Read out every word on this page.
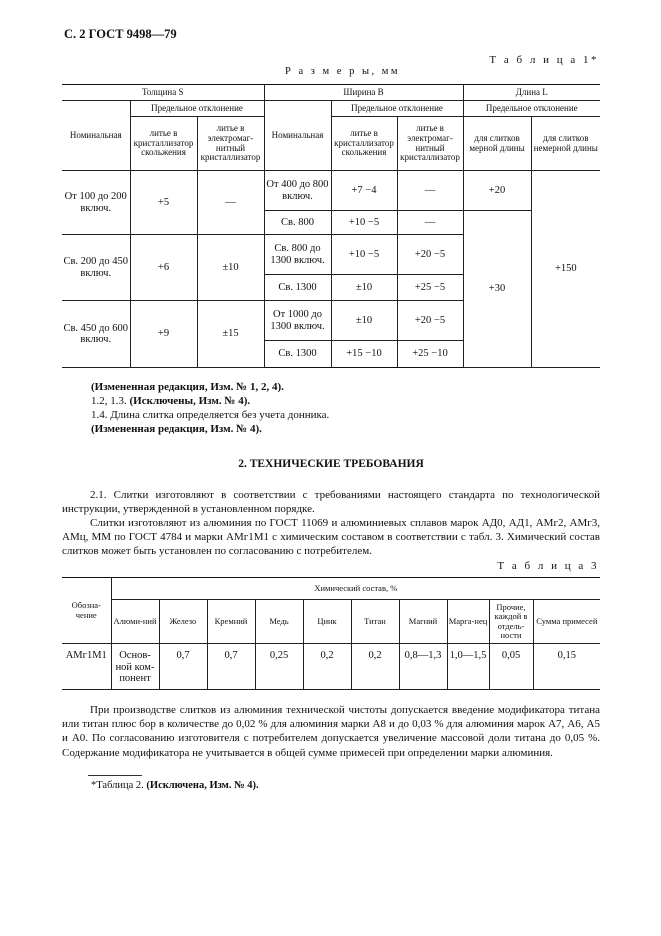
С. 2 ГОСТ 9498—79
Т а б л и ц а 1*
Р а з м е р ы, мм
Толщина S			Ширина B			Длина L	
Номинальная	Предельное отклонение		Номинальная	Предельное отклонение		Предельное отклонение	
	литье в кристаллизатор скольжения	литье в электромаг-нитный кристаллизатор		литье в кристаллизатор скольжения	литье в электромаг-нитный кристаллизатор	для слитков мерной длины	для слитков немерной длины
От 100 до 200 включ.	+5	—	От 400 до 800 включ.	+7 −4	—	+20	+150
			Св. 800	+10 −5	—	+30	
Св. 200 до 450 включ.	+6	±10	Св. 800 до 1300 включ.	+10 −5	+20 −5		
			Св. 1300	±10	+25 −5		
Св. 450 до 600 включ.	+9	±15	От 1000 до 1300 включ.	±10	+20 −5		
			Св. 1300	+15 −10	+25 −10		
(Измененная редакция, Изм. № 1, 2, 4).
1.2, 1.3. (Исключены, Изм. № 4).
1.4. Длина слитка определяется без учета донника.
(Измененная редакция, Изм. № 4).
2. ТЕХНИЧЕСКИЕ ТРЕБОВАНИЯ
2.1. Слитки изготовляют в соответствии с требованиями настоящего стандарта по технологической инструкции, утвержденной в установленном порядке.
Слитки изготовляют из алюминия по ГОСТ 11069 и алюминиевых сплавов марок АД0, АД1, АМг2, АМг3, АМц, ММ по ГОСТ 4784 и марки АМг1М1 с химическим составом в соответствии с табл. 3. Химический состав слитков может быть установлен по согласованию с потребителем.
Т а б л и ц а 3
Обозна-чение	Химический состав, %									
	Алюми-ний	Железо	Кремний	Медь	Цинк	Титан	Магний	Марга-нец	Прочие, каждой в отдель-ности	Сумма примесей
АМг1М1	Основ-ной ком-понент	0,7	0,7	0,25	0,2	0,2	0,8—1,3	1,0—1,5	0,05	0,15
При производстве слитков из алюминия технической чистоты допускается введение модификатора титана или титан плюс бор в количестве до 0,02 % для алюминия марки А8 и до 0,03 % для алюминия марок А7, А6, А5 и А0. По согласованию изготовителя с потребителем допускается увеличение массовой доли титана до 0,05 %. Содержание модификатора не учитывается в общей сумме примесей при определении марки алюминия.
*Таблица 2. (Исключена, Изм. № 4).
